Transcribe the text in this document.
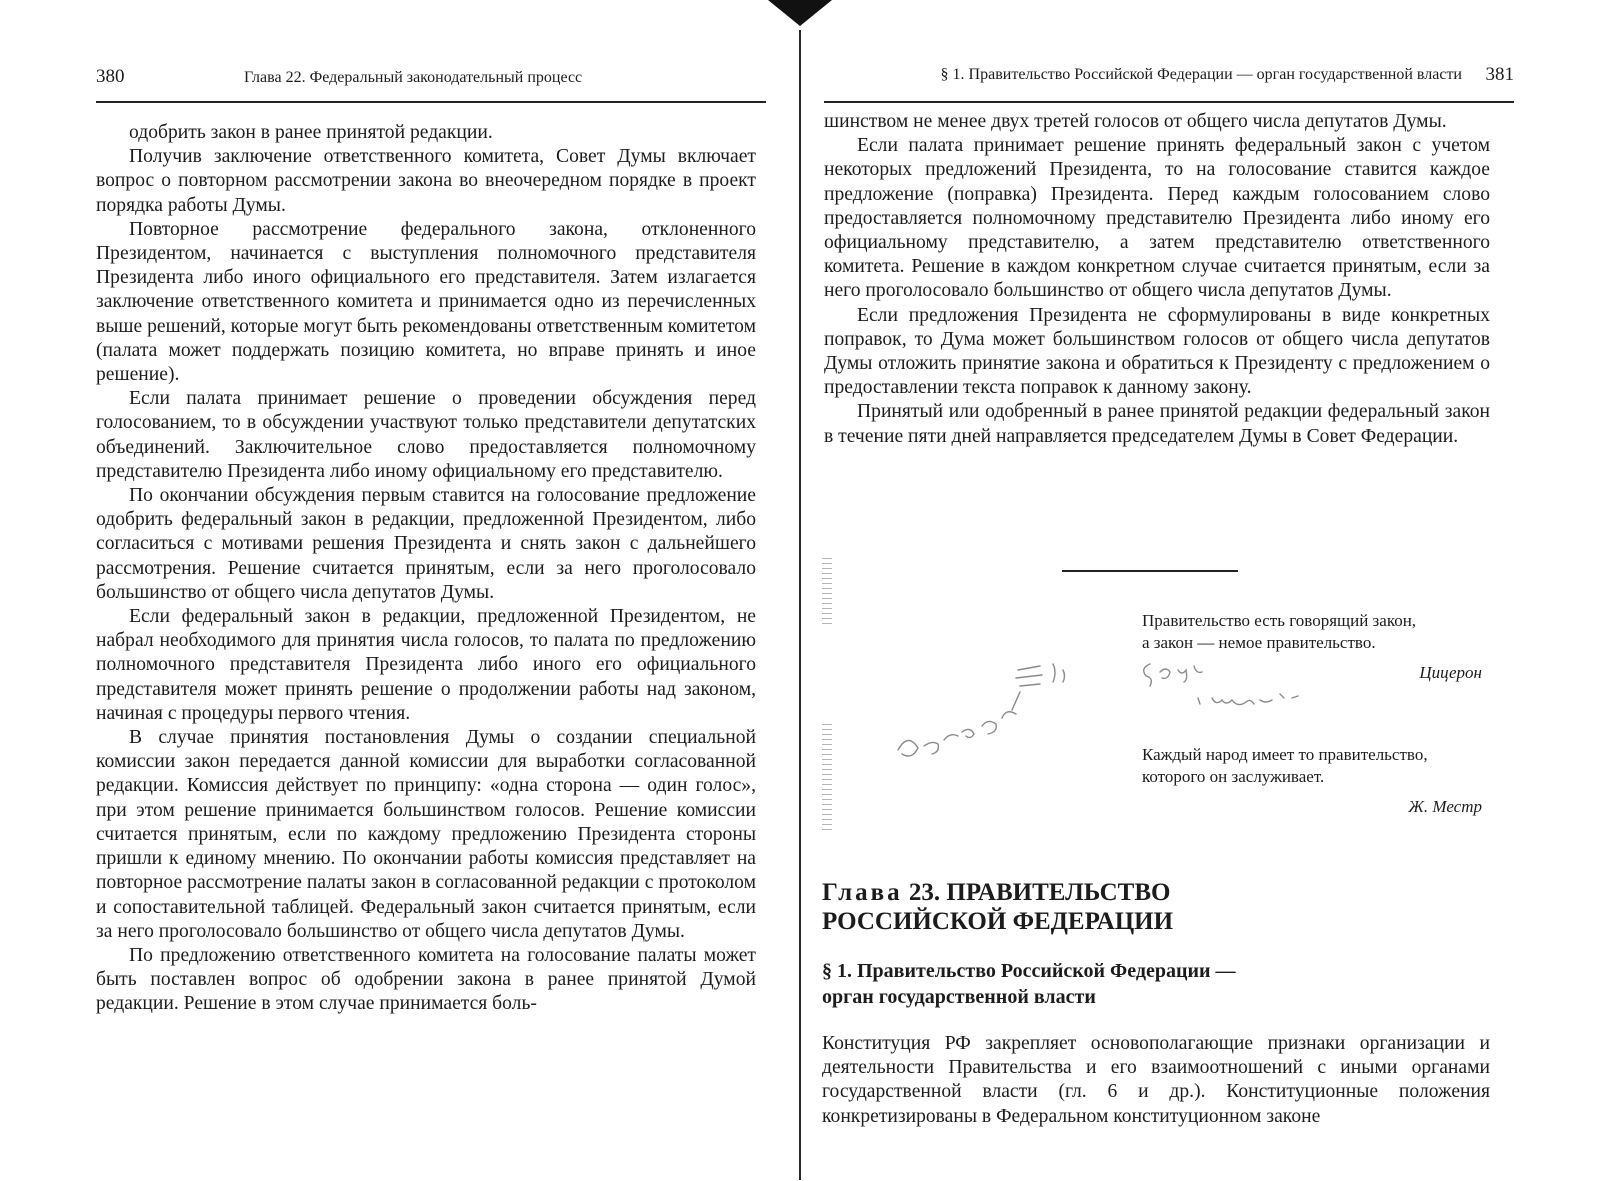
380	Глава 22. Федеральный законодательный процесс

одобрить закон в ранее принятой редакции.

Получив заключение ответственного комитета, Совет Думы включает вопрос о повторном рассмотрении закона во внеочередном порядке в проект порядка работы Думы.

Повторное рассмотрение федерального закона, отклоненного Президентом, начинается с выступления полномочного представителя Президента либо иного официального его представителя. Затем излагается заключение ответственного комитета и принимается одно из перечисленных выше решений, которые могут быть рекомендованы ответственным комитетом (палата может поддержать позицию комитета, но вправе принять и иное решение).

Если палата принимает решение о проведении обсуждения перед голосованием, то в обсуждении участвуют только представители депутатских объединений. Заключительное слово предоставляется полномочному представителю Президента либо иному официальному его представителю.

По окончании обсуждения первым ставится на голосование предложение одобрить федеральный закон в редакции, предложенной Президентом, либо согласиться с мотивами решения Президента и снять закон с дальнейшего рассмотрения. Решение считается принятым, если за него проголосовало большинство от общего числа депутатов Думы.

Если федеральный закон в редакции, предложенной Президентом, не набрал необходимого для принятия числа голосов, то палата по предложению полномочного представителя Президента либо иного его официального представителя может принять решение о продолжении работы над законом, начиная с процедуры первого чтения.

В случае принятия постановления Думы о создании специальной комиссии закон передается данной комиссии для выработки согласованной редакции. Комиссия действует по принципу: «одна сторона — один голос», при этом решение принимается большинством голосов. Решение комиссии считается принятым, если по каждому предложению Президента стороны пришли к единому мнению. По окончании работы комиссия представляет на повторное рассмотрение палаты закон в согласованной редакции с протоколом и сопоставительной таблицей. Федеральный закон считается принятым, если за него проголосовало большинство от общего числа депутатов Думы.

По предложению ответственного комитета на голосование палаты может быть поставлен вопрос об одобрении закона в ранее принятой Думой редакции. Решение в этом случае принимается боль-

§ 1. Правительство Российской Федерации — орган государственной власти 381

шинством не менее двух третей голосов от общего числа депутатов Думы.

Если палата принимает решение принять федеральный закон с учетом некоторых предложений Президента, то на голосование ставится каждое предложение (поправка) Президента. Перед каждым голосованием слово предоставляется полномочному представителю Президента либо иному его официальному представителю, а затем представителю ответственного комитета. Решение в каждом конкретном случае считается принятым, если за него проголосовало большинство от общего числа депутатов Думы.

Если предложения Президента не сформулированы в виде конкретных поправок, то Дума может большинством голосов от общего числа депутатов Думы отложить принятие закона и обратиться к Президенту с предложением о предоставлении текста поправок к данному закону.

Принятый или одобренный в ранее принятой редакции федеральный закон в течение пяти дней направляется председателем Думы в Совет Федерации.

Правительство есть говорящий закон,
а закон — немое правительство.
Цицерон
Каждый народ имеет то правительство,
которого он заслуживает.
Ж. Местр
Глава 23. ПРАВИТЕЛЬСТВО
РОССИЙСКОЙ ФЕДЕРАЦИИ
§ 1. Правительство Российской Федерации —
орган государственной власти

Конституция РФ закрепляет основополагающие признаки организации и деятельности Правительства и его взаимоотношений с иными органами государственной власти (гл. 6 и др.). Конституционные положения конкретизированы в Федеральном конституционном законе
